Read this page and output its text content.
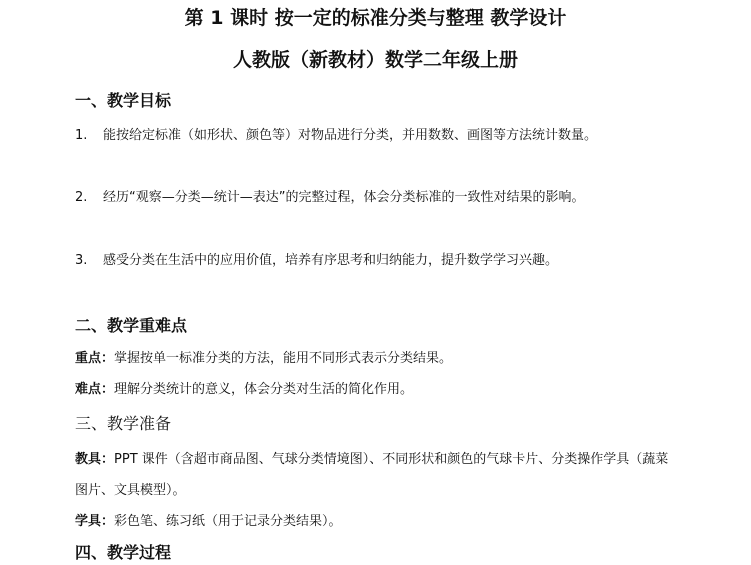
第 1 课时 按一定的标准分类与整理 教学设计
人教版（新教材）数学二年级上册
一、教学目标
1.	能按给定标准（如形状、颜色等）对物品进行分类，并用数数、画图等方法统计数量。
2.	经历“观察—分类—统计—表达”的完整过程，体会分类标准的一致性对结果的影响。
3.	感受分类在生活中的应用价值，培养有序思考和归纳能力，提升数学学习兴趣。
二、教学重难点
重点：掌握按单一标准分类的方法，能用不同形式表示分类结果。
难点：理解分类统计的意义，体会分类对生活的简化作用。
三、教学准备
教具：PPT 课件（含超市商品图、气球分类情境图）、不同形状和颜色的气球卡片、分类操作学具（蔬菜图片、文具模型）。
学具：彩色笔、练习纸（用于记录分类结果）。
四、教学过程
